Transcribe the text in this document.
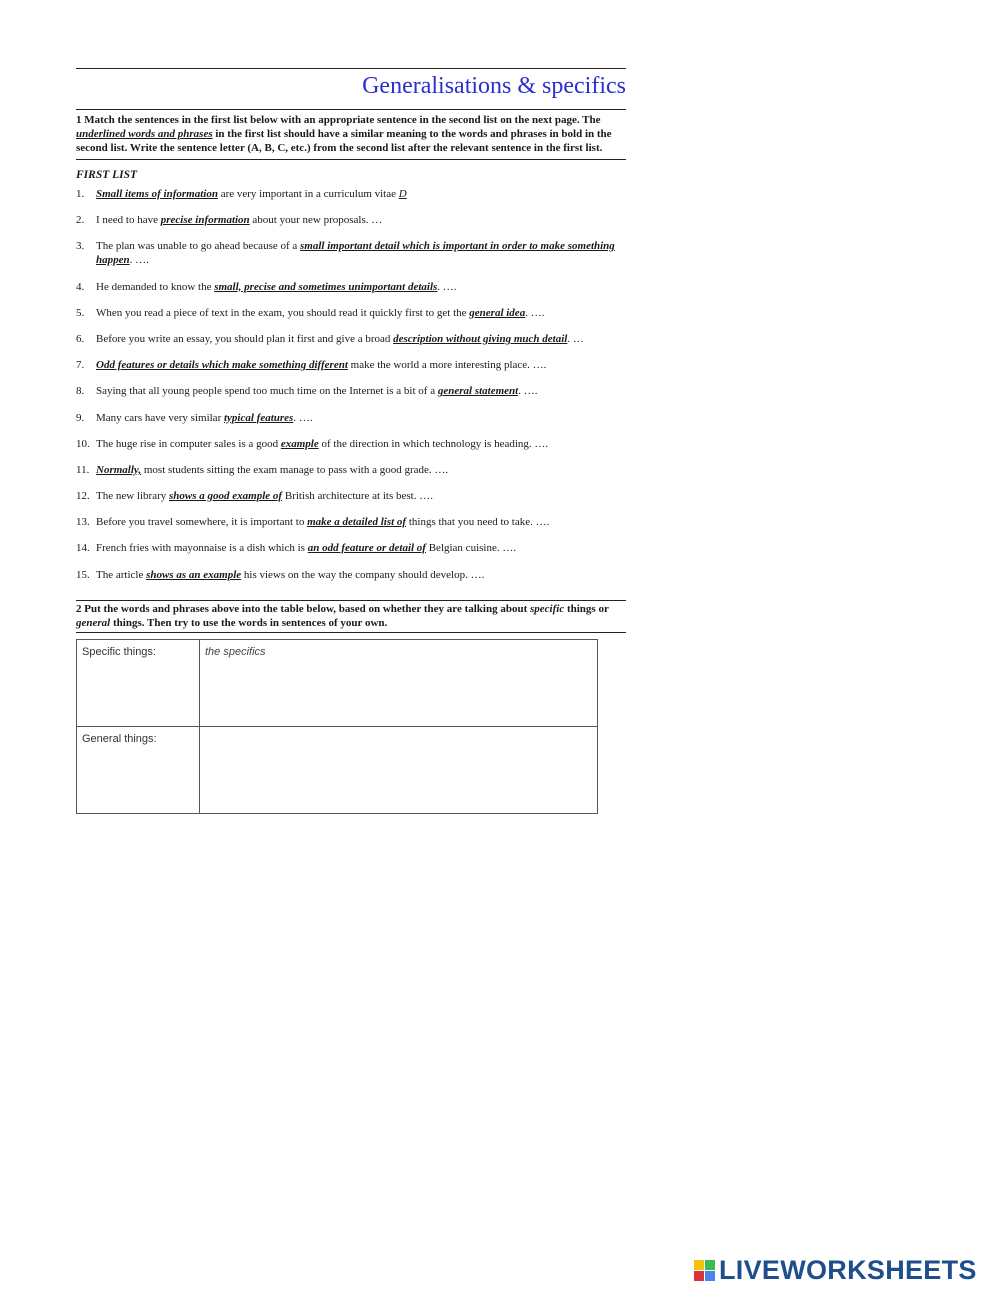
Generalisations & specifics
1 Match the sentences in the first list below with an appropriate sentence in the second list on the next page. The underlined words and phrases in the first list should have a similar meaning to the words and phrases in bold in the second list. Write the sentence letter (A, B, C, etc.) from the second list after the relevant sentence in the first list.
FIRST LIST
1. Small items of information are very important in a curriculum vitae D
2. I need to have precise information about your new proposals. …
3. The plan was unable to go ahead because of a small important detail which is important in order to make something happen. ….
4. He demanded to know the small, precise and sometimes unimportant details. ….
5. When you read a piece of text in the exam, you should read it quickly first to get the general idea. ….
6. Before you write an essay, you should plan it first and give a broad description without giving much detail. …
7. Odd features or details which make something different make the world a more interesting place. ….
8. Saying that all young people spend too much time on the Internet is a bit of a general statement. ….
9. Many cars have very similar typical features. ….
10. The huge rise in computer sales is a good example of the direction in which technology is heading. ….
11. Normally, most students sitting the exam manage to pass with a good grade. ….
12. The new library shows a good example of British architecture at its best. ….
13. Before you travel somewhere, it is important to make a detailed list of things that you need to take. ….
14. French fries with mayonnaise is a dish which is an odd feature or detail of Belgian cuisine. ….
15. The article shows as an example his views on the way the company should develop. ….
2 Put the words and phrases above into the table below, based on whether they are talking about specific things or general things. Then try to use the words in sentences of your own.
Specific things:	the specifics
General things:	
LIVEWORKSHEETS
